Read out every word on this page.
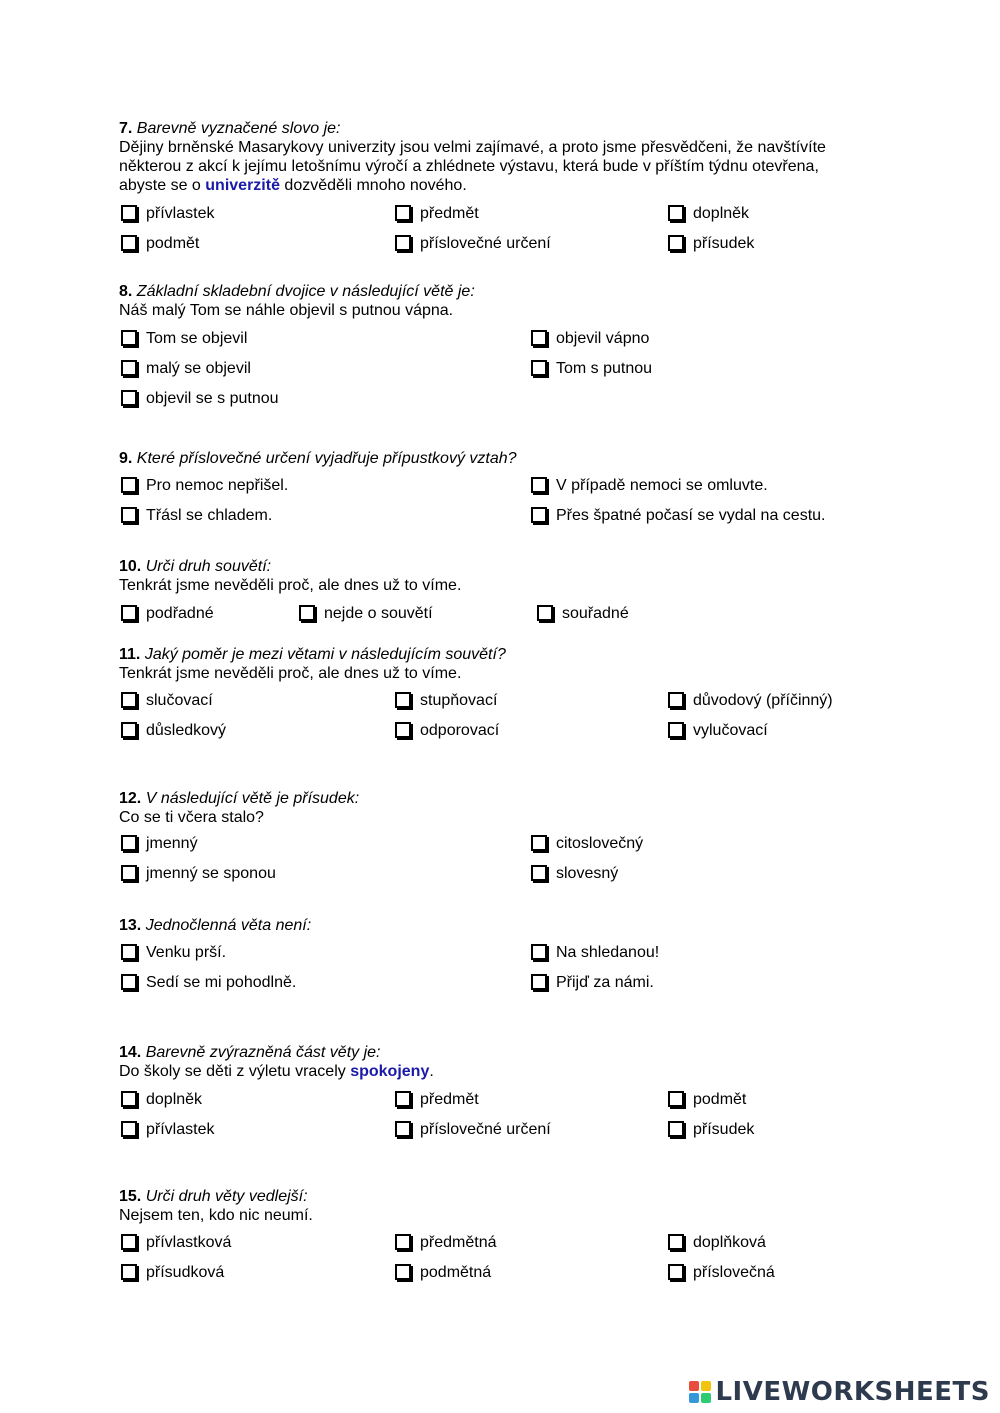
7. Barevně vyznačené slovo je:
Dějiny brněnské Masarykovy univerzity jsou velmi zajímavé, a proto jsme přesvědčeni, že navštívíte
některou z akcí k jejímu letošnímu výročí a zhlédnete výstavu, která bude v příštím týdnu otevřena,
abyste se o univerzitě dozvěděli mnoho nového.
přívlastek	předmět	doplněk
podmět	příslovečné určení	přísudek
8. Základní skladební dvojice v následující větě je:
Náš malý Tom se náhle objevil s putnou vápna.
Tom se objevil	objevil vápno
malý se objevil	Tom s putnou
objevil se s putnou
9. Které příslovečné určení vyjadřuje přípustkový vztah?
Pro nemoc nepřišel.	V případě nemoci se omluvte.
Třásl se chladem.	Přes špatné počasí se vydal na cestu.
10. Urči druh souvětí:
Tenkrát jsme nevěděli proč, ale dnes už to víme.
podřadné	nejde o souvětí	souřadné
11. Jaký poměr je mezi větami v následujícím souvětí?
Tenkrát jsme nevěděli proč, ale dnes už to víme.
slučovací	stupňovací	důvodový (příčinný)
důsledkový	odporovací	vylučovací
12. V následující větě je přísudek:
Co se ti včera stalo?
jmenný	citoslovečný
jmenný se sponou	slovesný
13. Jednočlenná věta není:
Venku prší.	Na shledanou!
Sedí se mi pohodlně.	Přijď za námi.
14. Barevně zvýrazněná část věty je:
Do školy se děti z výletu vracely spokojeny.
doplněk	předmět	podmět
přívlastek	příslovečné určení	přísudek
15. Urči druh věty vedlejší:
Nejsem ten, kdo nic neumí.
přívlastková	předmětná	doplňková
přísudková	podmětná	příslovečná
LIVEWORKSHEETS
